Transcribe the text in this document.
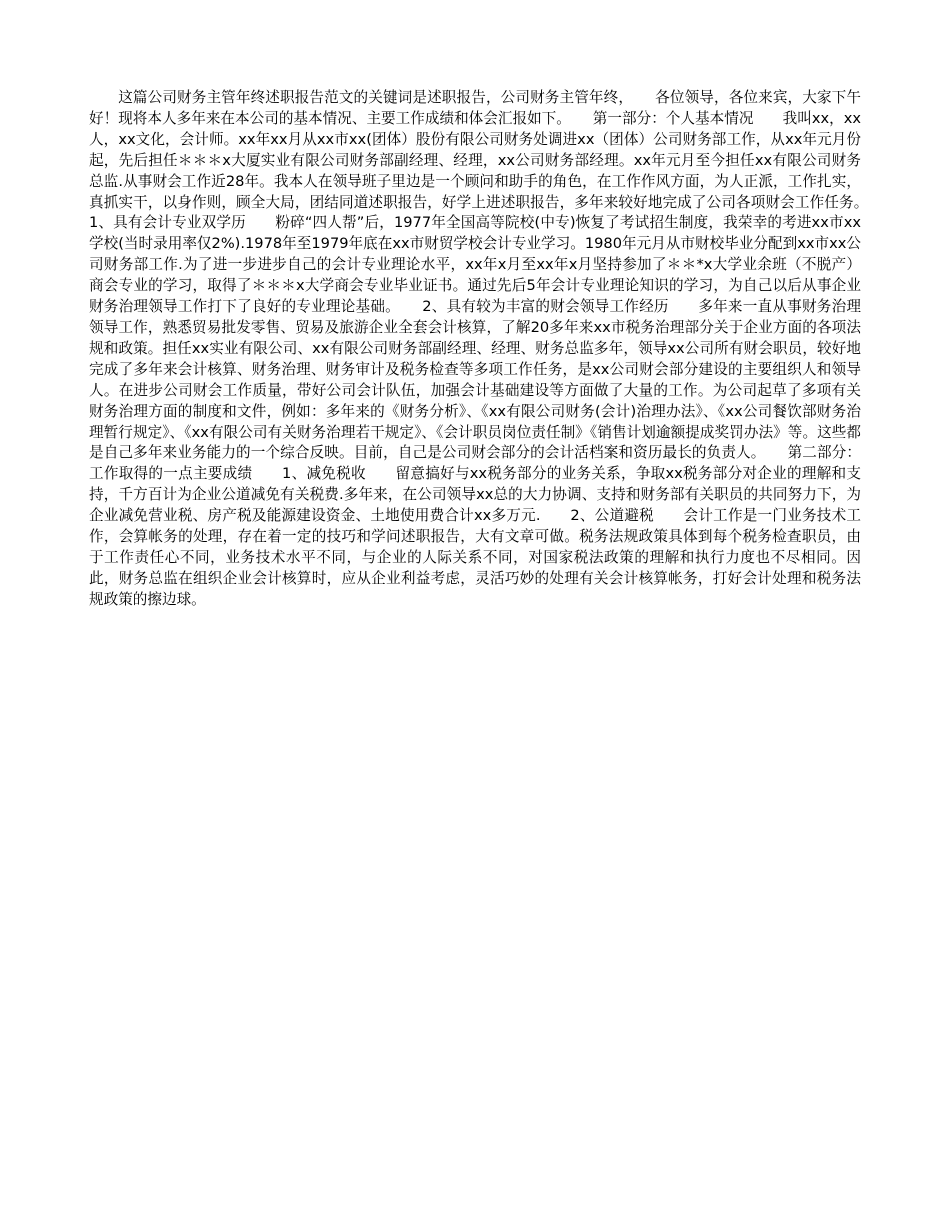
这篇公司财务主管年终述职报告范文的关键词是述职报告，公司财务主管年终，　　各位领导，各位来宾，大家下午好！现将本人多年来在本公司的基本情况、主要工作成绩和体会汇报如下。　　第一部分：个人基本情况　　我叫xx，xx人，xx文化，会计师。xx年xx月从xx市xx(团体）股份有限公司财务处调进xx（团体）公司财务部工作，从xx年元月份起，先后担任＊＊＊x大厦实业有限公司财务部副经理、经理，xx公司财务部经理。xx年元月至今担任xx有限公司财务总监.从事财会工作近28年。我本人在领导班子里边是一个顾问和助手的角色，在工作作风方面，为人正派，工作扎实，真抓实干，以身作则，顾全大局，团结同道述职报告，好学上进述职报告，多年来较好地完成了公司各项财会工作任务。　　1、具有会计专业双学历　　粉碎“四人帮”后，1977年全国高等院校(中专)恢复了考试招生制度，我荣幸的考进xx市xx学校(当时录用率仅2%).1978年至1979年底在xx市财贸学校会计专业学习。1980年元月从市财校毕业分配到xx市xx公司财务部工作.为了进一步进步自己的会计专业理论水平，xx年x月至xx年x月坚持参加了＊＊*x大学业余班（不脱产）商会专业的学习，取得了＊＊＊x大学商会专业毕业证书。通过先后5年会计专业理论知识的学习，为自己以后从事企业财务治理领导工作打下了良好的专业理论基础。　　2、具有较为丰富的财会领导工作经历　　多年来一直从事财务治理领导工作，熟悉贸易批发零售、贸易及旅游企业全套会计核算，了解20多年来xx市税务治理部分关于企业方面的各项法规和政策。担任xx实业有限公司、xx有限公司财务部副经理、经理、财务总监多年，领导xx公司所有财会职员，较好地完成了多年来会计核算、财务治理、财务审计及税务检查等多项工作任务，是xx公司财会部分建设的主要组织人和领导人。在进步公司财会工作质量，带好公司会计队伍，加强会计基础建设等方面做了大量的工作。为公司起草了多项有关财务治理方面的制度和文件，例如：多年来的《财务分析》、《xx有限公司财务(会计)治理办法》、《xx公司餐饮部财务治理暂行规定》、《xx有限公司有关财务治理若干规定》、《会计职员岗位责任制》《销售计划逾额提成奖罚办法》等。这些都是自己多年来业务能力的一个综合反映。目前，自己是公司财会部分的会计活档案和资历最长的负责人。　　第二部分：工作取得的一点主要成绩　　1、减免税收　　留意搞好与xx税务部分的业务关系，争取xx税务部分对企业的理解和支持，千方百计为企业公道减免有关税费.多年来，在公司领导xx总的大力协调、支持和财务部有关职员的共同努力下，为企业减免营业税、房产税及能源建设资金、土地使用费合计xx多万元.　　2、公道避税　　会计工作是一门业务技术工作，会算帐务的处理，存在着一定的技巧和学问述职报告，大有文章可做。税务法规政策具体到每个税务检查职员，由于工作责任心不同，业务技术水平不同，与企业的人际关系不同，对国家税法政策的理解和执行力度也不尽相同。因此，财务总监在组织企业会计核算时，应从企业利益考虑，灵活巧妙的处理有关会计核算帐务，打好会计处理和税务法规政策的擦边球。
